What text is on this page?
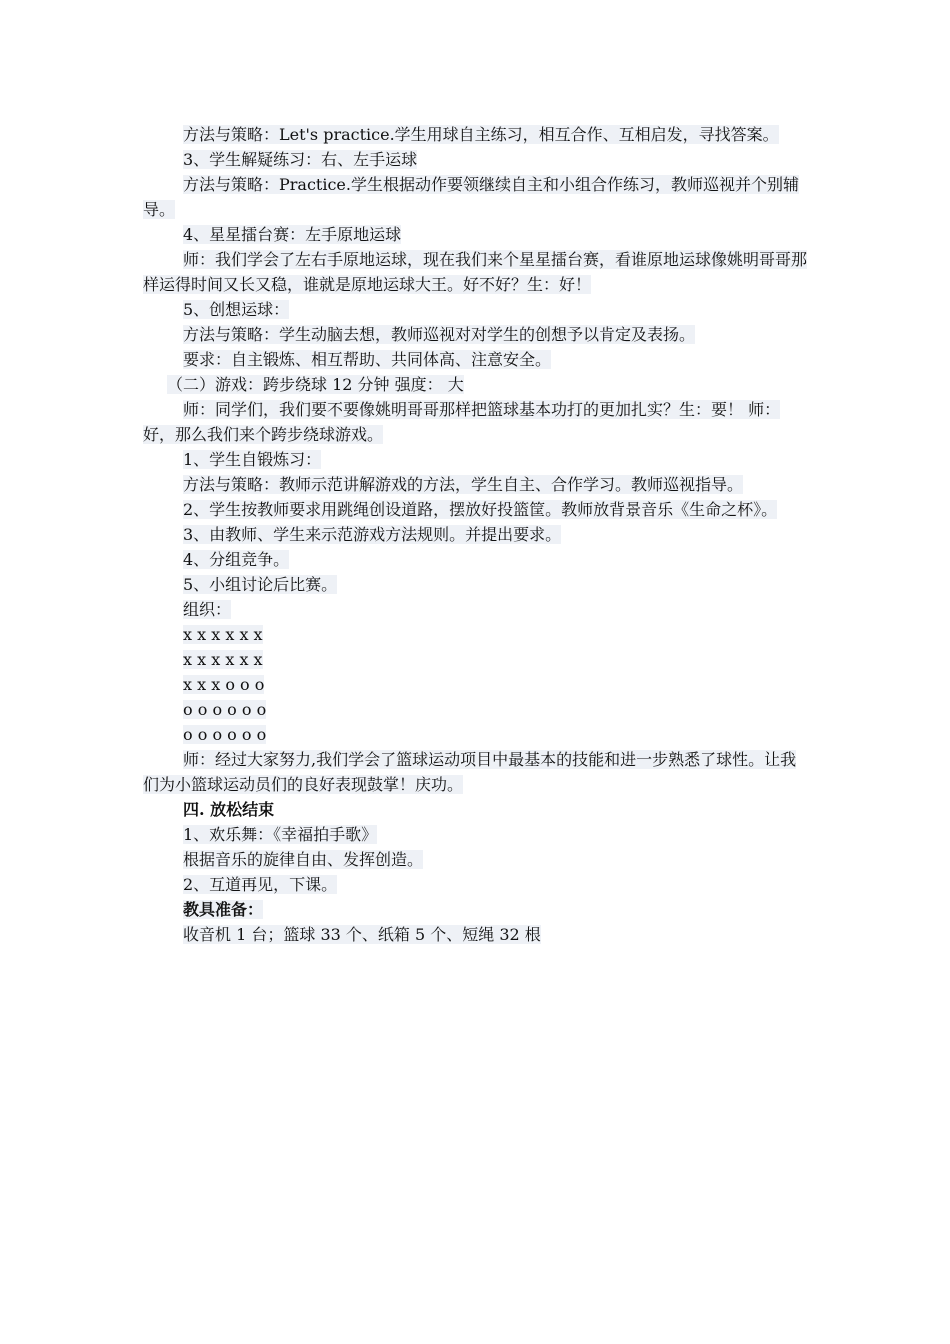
方法与策略：Let's practice.学生用球自主练习，相互合作、互相启发，寻找答案。

3、学生解疑练习：右、左手运球

方法与策略：Practice.学生根据动作要领继续自主和小组合作练习，教师巡视并个别辅导。

4、星星擂台赛：左手原地运球

师：我们学会了左右手原地运球，现在我们来个星星擂台赛，看谁原地运球像姚明哥哥那样运得时间又长又稳，谁就是原地运球大王。好不好？生：好！

5、创想运球：

方法与策略：学生动脑去想，教师巡视对对学生的创想予以肯定及表扬。

要求：自主锻炼、相互帮助、共同体高、注意安全。

（二）游戏：跨步绕球 12 分钟 强度： 大

师：同学们，我们要不要像姚明哥哥那样把篮球基本功打的更加扎实？生：要！ 师：好，那么我们来个跨步绕球游戏。

1、学生自锻炼习：

方法与策略：教师示范讲解游戏的方法，学生自主、合作学习。教师巡视指导。

2、学生按教师要求用跳绳创设道路，摆放好投篮筐。教师放背景音乐《生命之杯》。

3、由教师、学生来示范游戏方法规则。并提出要求。

4、分组竞争。

5、小组讨论后比赛。

组织：

x x x x x x

x x x x x x

x x x o o o

o o o o o o

o o o o o o

师：经过大家努力,我们学会了篮球运动项目中最基本的技能和进一步熟悉了球性。让我们为小篮球运动员们的良好表现鼓掌！庆功。

四. 放松结束

1、欢乐舞：《幸福拍手歌》

根据音乐的旋律自由、发挥创造。

2、互道再见，下课。

教具准备：

收音机 1 台；篮球 33 个、纸箱 5 个、短绳 32 根
